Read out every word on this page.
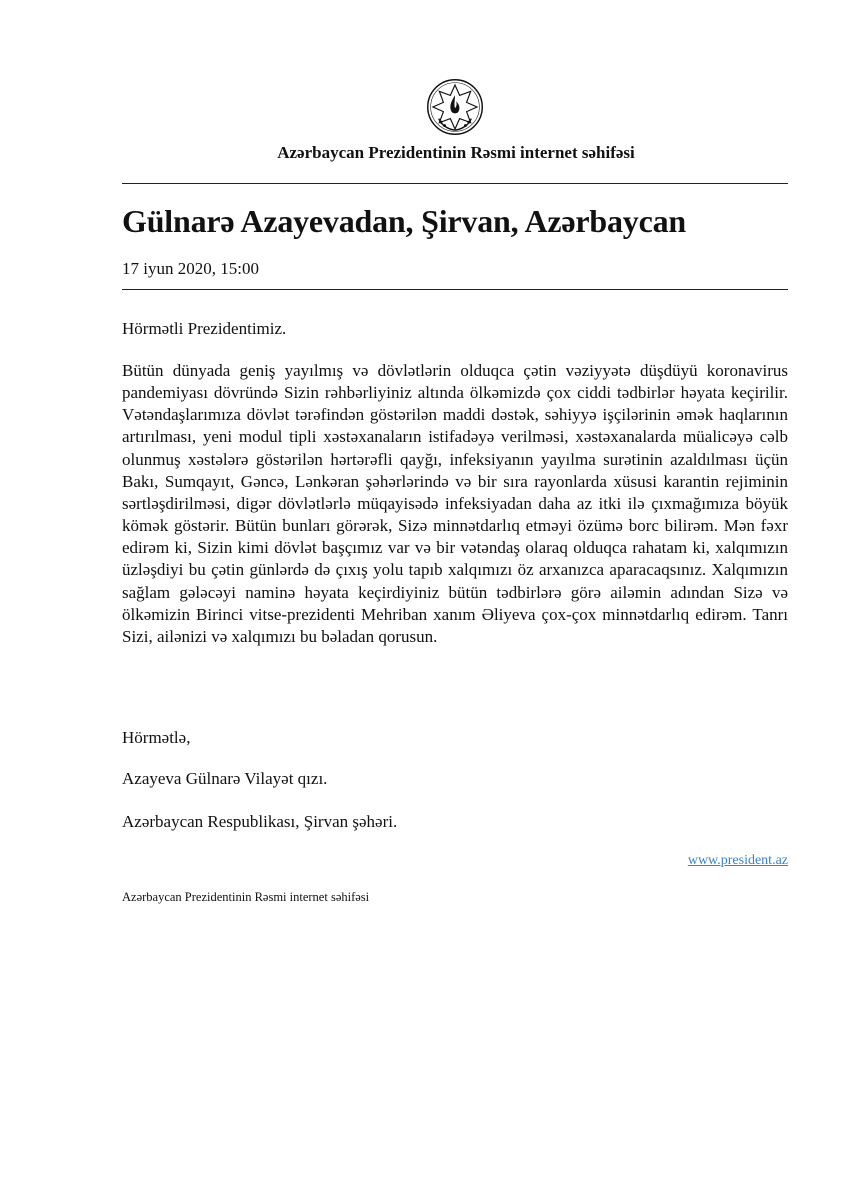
Azərbaycan Prezidentinin Rəsmi internet səhifəsi
Gülnarə Azayevadan, Şirvan, Azərbaycan
17 iyun 2020, 15:00
Hörmətli Prezidentimiz.
Bütün dünyada geniş yayılmış və dövlətlərin olduqca çətin vəziyyətə düşdüyü koronavirus pandemiyası dövründə Sizin rəhbərliyiniz altında ölkəmizdə çox ciddi tədbirlər həyata keçirilir. Vətəndaşlarımıza dövlət tərəfindən göstərilən maddi dəstək, səhiyyə işçilərinin əmək haqlarının artırılması, yeni modul tipli xəstəxanaların istifadəyə verilməsi, xəstəxanalarda müalicəyə cəlb olunmuş xəstələrə göstərilən hərtərəfli qayğı, infeksiyanın yayılma surətinin azaldılması üçün Bakı, Sumqayıt, Gəncə, Lənkəran şəhərlərində və bir sıra rayonlarda xüsusi karantin rejiminin sərtləşdirilməsi, digər dövlətlərlə müqayisədə infeksiyadan daha az itki ilə çıxmağımıza böyük kömək göstərir. Bütün bunları görərək, Sizə minnətdarlıq etməyi özümə borc bilirəm. Mən fəxr edirəm ki, Sizin kimi dövlət başçımız var və bir vətəndaş olaraq olduqca rahatam ki, xalqımızın üzləşdiyi bu çətin günlərdə də çıxış yolu tapıb xalqımızı öz arxanızca aparacaqsınız. Xalqımızın sağlam gələcəyi naminə həyata keçirdiyiniz bütün tədbirlərə görə ailəmin adından Sizə və ölkəmizin Birinci vitse-prezidenti Mehriban xanım Əliyeva çox-çox minnətdarlıq edirəm. Tanrı Sizi, ailənizi və xalqımızı bu bəladan qorusun.
Hörmətlə,
Azayeva Gülnarə Vilayət qızı.
Azərbaycan Respublikası, Şirvan şəhəri.
www.president.az
Azərbaycan Prezidentinin Rəsmi internet səhifəsi
